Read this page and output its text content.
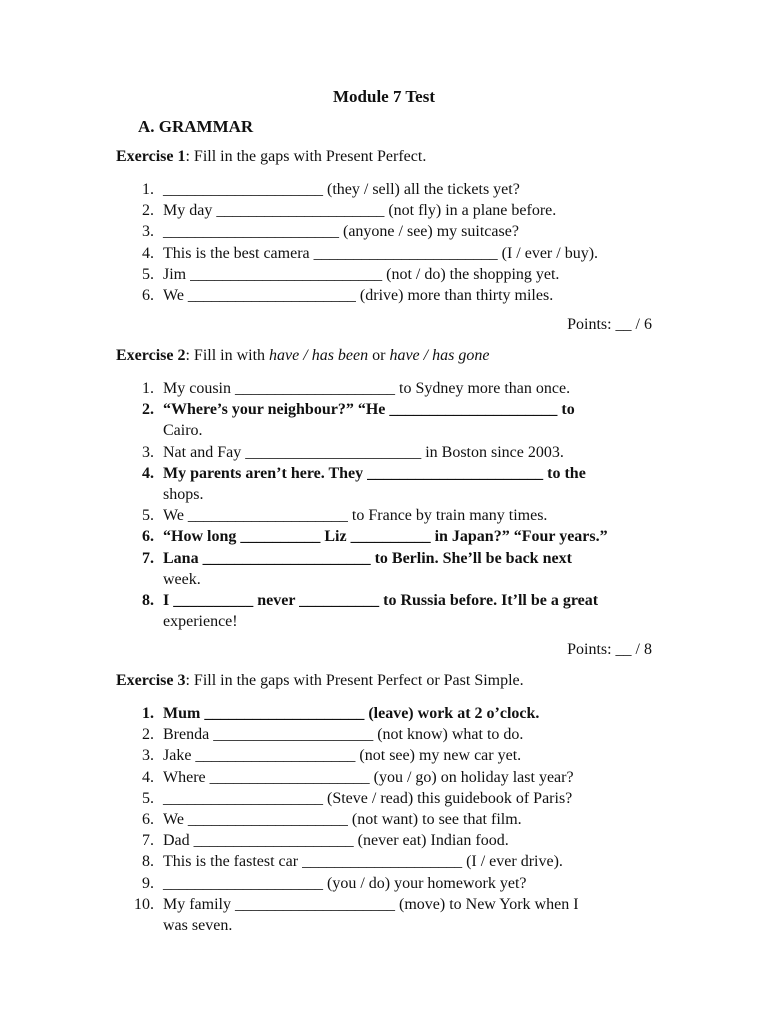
Module 7 Test
A. GRAMMAR
Exercise 1: Fill in the gaps with Present Perfect.
1. ____________________ (they / sell) all the tickets yet?
2. My day _____________________ (not fly) in a plane before.
3. ______________________ (anyone / see) my suitcase?
4. This is the best camera _______________________ (I / ever / buy).
5. Jim ________________________ (not / do) the shopping yet.
6. We _____________________ (drive) more than thirty miles.
Points: __ / 6
Exercise 2: Fill in with have / has been or have / has gone
1. My cousin ____________________ to Sydney more than once.
2. “Where’s your neighbour?” “He _____________________ to
Cairo.
3. Nat and Fay ______________________ in Boston since 2003.
4. My parents aren’t here. They ______________________ to the
shops.
5. We ____________________ to France by train many times.
6. “How long __________ Liz __________ in Japan?” “Four years.”
7. Lana _____________________ to Berlin. She’ll be back next
week.
8. I __________ never __________ to Russia before. It’ll be a great
experience!
Points: __ / 8
Exercise 3: Fill in the gaps with Present Perfect or Past Simple.
1. Mum ____________________ (leave) work at 2 o’clock.
2. Brenda ____________________ (not know) what to do.
3. Jake ____________________ (not see) my new car yet.
4. Where ____________________ (you / go) on holiday last year?
5. ____________________ (Steve / read) this guidebook of Paris?
6. We ____________________ (not want) to see that film.
7. Dad ____________________ (never eat) Indian food.
8. This is the fastest car ____________________ (I / ever drive).
9. ____________________ (you / do) your homework yet?
10. My family ____________________ (move) to New York when I
was seven.
